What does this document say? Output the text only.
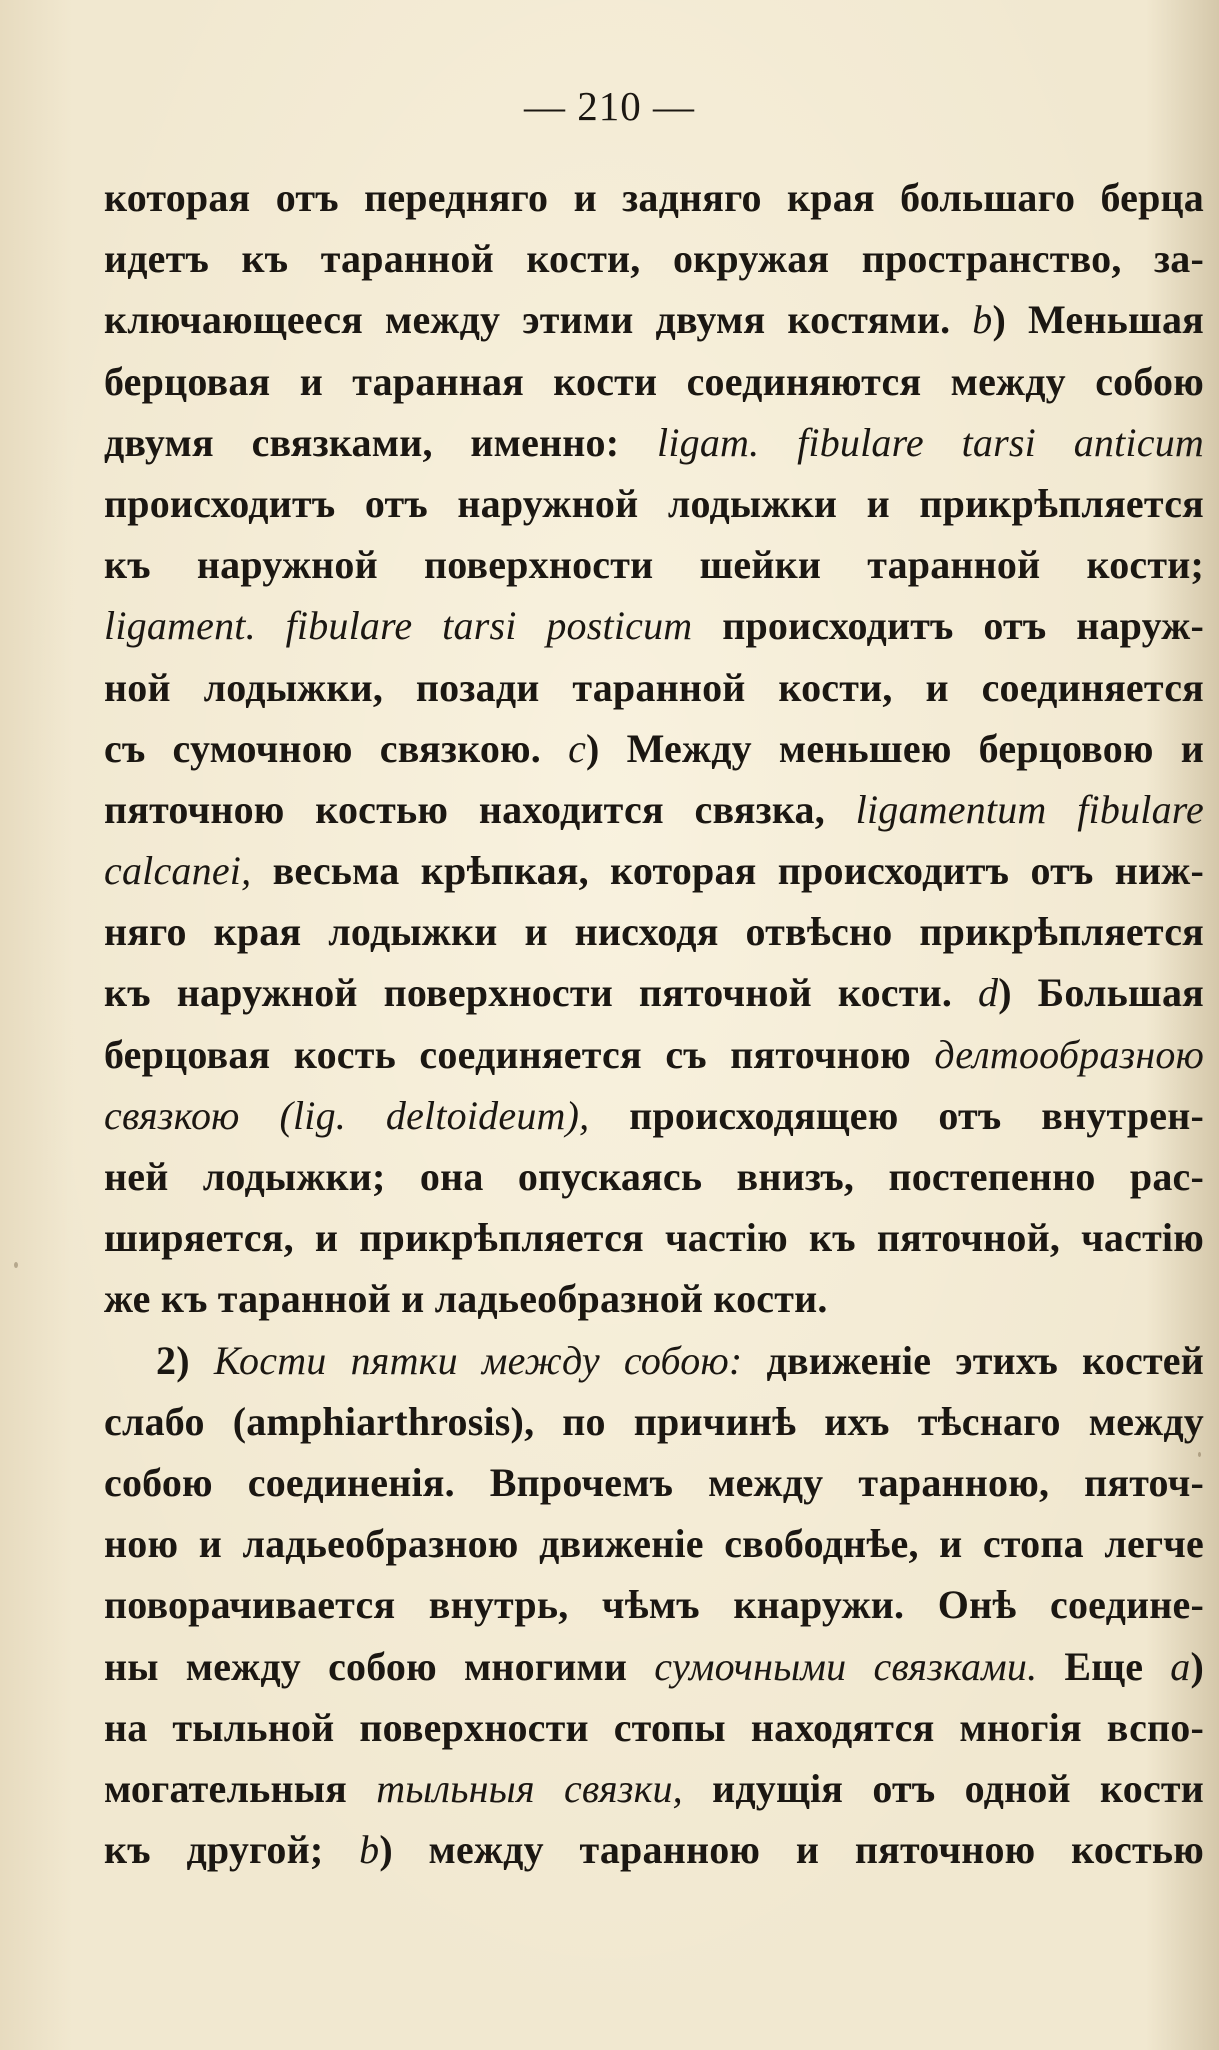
— 210 —
которая отъ передняго и задняго края большаго берца
идетъ къ таранной кости, окружая пространство, за-
ключающееся между этими двумя костями. b) Меньшая
берцовая и таранная кости соединяются между собою
двумя связками, именно: ligam. fibulare tarsi anticum
происходитъ отъ наружной лодыжки и прикрѣпляется
къ наружной поверхности шейки таранной кости;
ligament. fibulare tarsi posticum происходитъ отъ наруж-
ной лодыжки, позади таранной кости, и соединяется
съ сумочною связкою. c) Между меньшею берцовою и
пяточною костью находится связка, ligamentum fibulare
calcanei, весьма крѣпкая, которая происходитъ отъ ниж-
няго края лодыжки и нисходя отвѣсно прикрѣпляется
къ наружной поверхности пяточной кости. d) Большая
берцовая кость соединяется съ пяточною делтообразною
связкою (lig. deltoideum), происходящею отъ внутрен-
ней лодыжки; она опускаясь внизъ, постепенно рас-
ширяется, и прикрѣпляется частію къ пяточной, частію
же къ таранной и ладьеобразной кости.
2) Кости пятки между собою: движеніе этихъ костей
слабо (amphiarthrosis), по причинѣ ихъ тѣснаго между
собою соединенія. Впрочемъ между таранною, пяточ-
ною и ладьеобразною движеніе свободнѣе, и стопа легче
поворачивается внутрь, чѣмъ кнаружи. Онѣ соедине-
ны между собою многими сумочными связками. Еще a)
на тыльной поверхности стопы находятся многія вспо-
могательныя тыльныя связки, идущія отъ одной кости
къ другой; b) между таранною и пяточною костью
